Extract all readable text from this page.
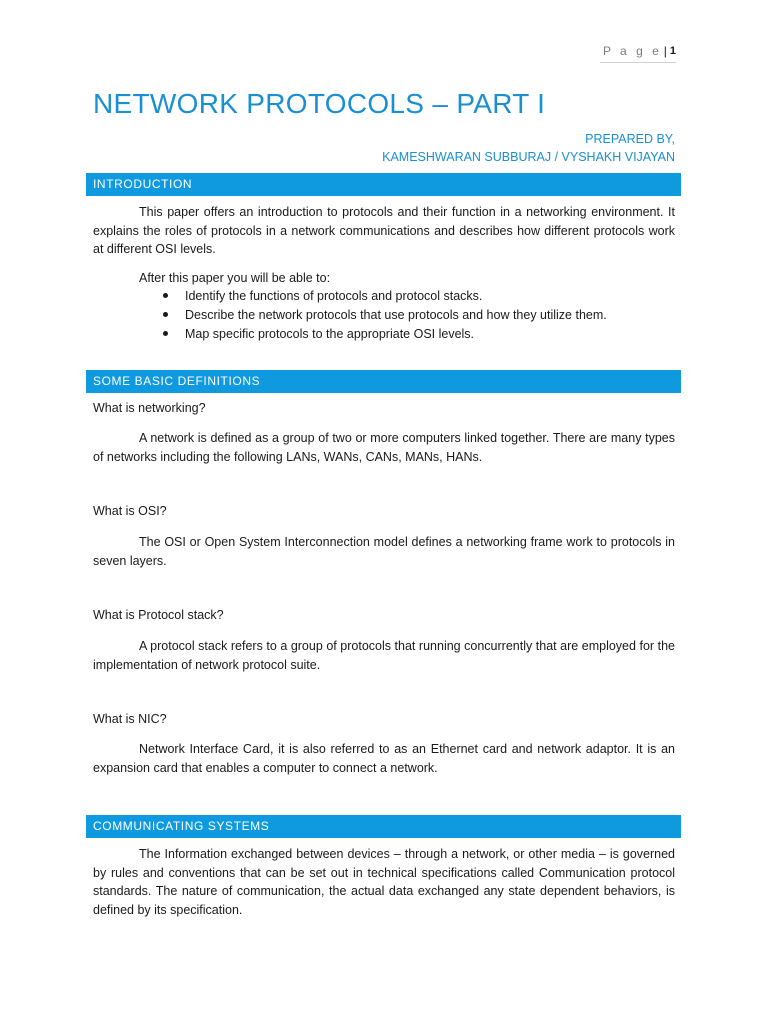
P a g e | 1
NETWORK PROTOCOLS – PART I
PREPARED BY,
KAMESHWARAN SUBBURAJ / VYSHAKH VIJAYAN
INTRODUCTION
This paper offers an introduction to protocols and their function in a networking environment. It explains the roles of protocols in a network communications and describes how different protocols work at different OSI levels.
After this paper you will be able to:
Identify the functions of protocols and protocol stacks.
Describe the network protocols that use protocols and how they utilize them.
Map specific protocols to the appropriate OSI levels.
SOME BASIC DEFINITIONS
What is networking?
A network is defined as a group of two or more computers linked together. There are many types of networks including the following LANs, WANs, CANs, MANs, HANs.
What is OSI?
The OSI or Open System Interconnection model defines a networking frame work to protocols in seven layers.
What is Protocol stack?
A protocol stack refers to a group of protocols that running concurrently that are employed for the implementation of network protocol suite.
What is NIC?
Network Interface Card, it is also referred to as an Ethernet card and network adaptor. It is an expansion card that enables a computer to connect a network.
COMMUNICATING SYSTEMS
The Information exchanged between devices – through a network, or other media – is governed by rules and conventions that can be set out in technical specifications called Communication protocol standards. The nature of communication, the actual data exchanged any state dependent behaviors, is defined by its specification.
